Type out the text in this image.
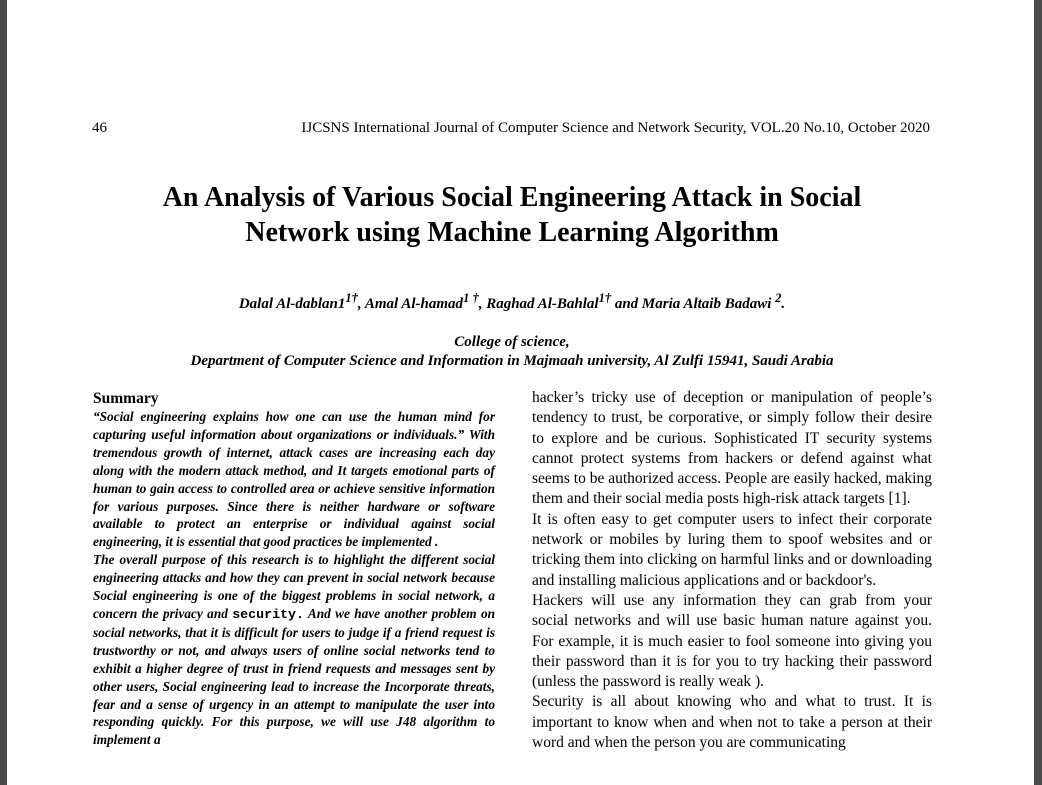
46	IJCSNS International Journal of Computer Science and Network Security, VOL.20 No.10, October 2020
An Analysis of Various Social Engineering Attack in Social
Network using Machine Learning Algorithm
Dalal $Al-dablan1^{1\dagger}$, Amal Al-hamad$^{1 \dagger}$, Raghad Al-Bahlal$^{1\dagger}$ and Maria Altaib Badawi $^2$.
College of science,
Department of Computer Science and Information in Majmaah university, Al Zulfi 15941, Saudi Arabia

Summary

“Social engineering explains how one can use the human mind for capturing useful information about organizations or individuals.” With tremendous growth of internet, attack cases are increasing each day along with the modern attack method, and It targets emotional parts of human to gain access to controlled area or achieve sensitive information for various purposes. Since there is neither hardware or software available to protect an enterprise or individual against social engineering, it is essential that good practices be implemented .

The overall purpose of this research is to highlight the different social engineering attacks and how they can prevent in social network because Social engineering is one of the biggest problems in social network, a concern the privacy and security. And we have another problem on social networks, that it is difficult for users to judge if a friend request is trustworthy or not, and always users of online social networks tend to exhibit a higher degree of trust in friend requests and messages sent by other users, Social engineering lead to increase the Incorporate threats, fear and a sense of urgency in an attempt to manipulate the user into responding quickly. For this purpose, we will use J48 algorithm to implement a

hacker’s tricky use of deception or manipulation of people’s tendency to trust, be corporative, or simply follow their desire to explore and be curious. Sophisticated IT security systems cannot protect systems from hackers or defend against what seems to be authorized access. People are easily hacked, making them and their social media posts high-risk attack targets [1].

It is often easy to get computer users to infect their corporate network or mobiles by luring them to spoof websites and or tricking them into clicking on harmful links and or downloading and installing malicious applications and or backdoor's.

Hackers will use any information they can grab from your social networks and will use basic human nature against you. For example, it is much easier to fool someone into giving you their password than it is for you to try hacking their password (unless the password is really weak ).

Security is all about knowing who and what to trust. It is important to know when and when not to take a person at their word and when the person you are communicating
